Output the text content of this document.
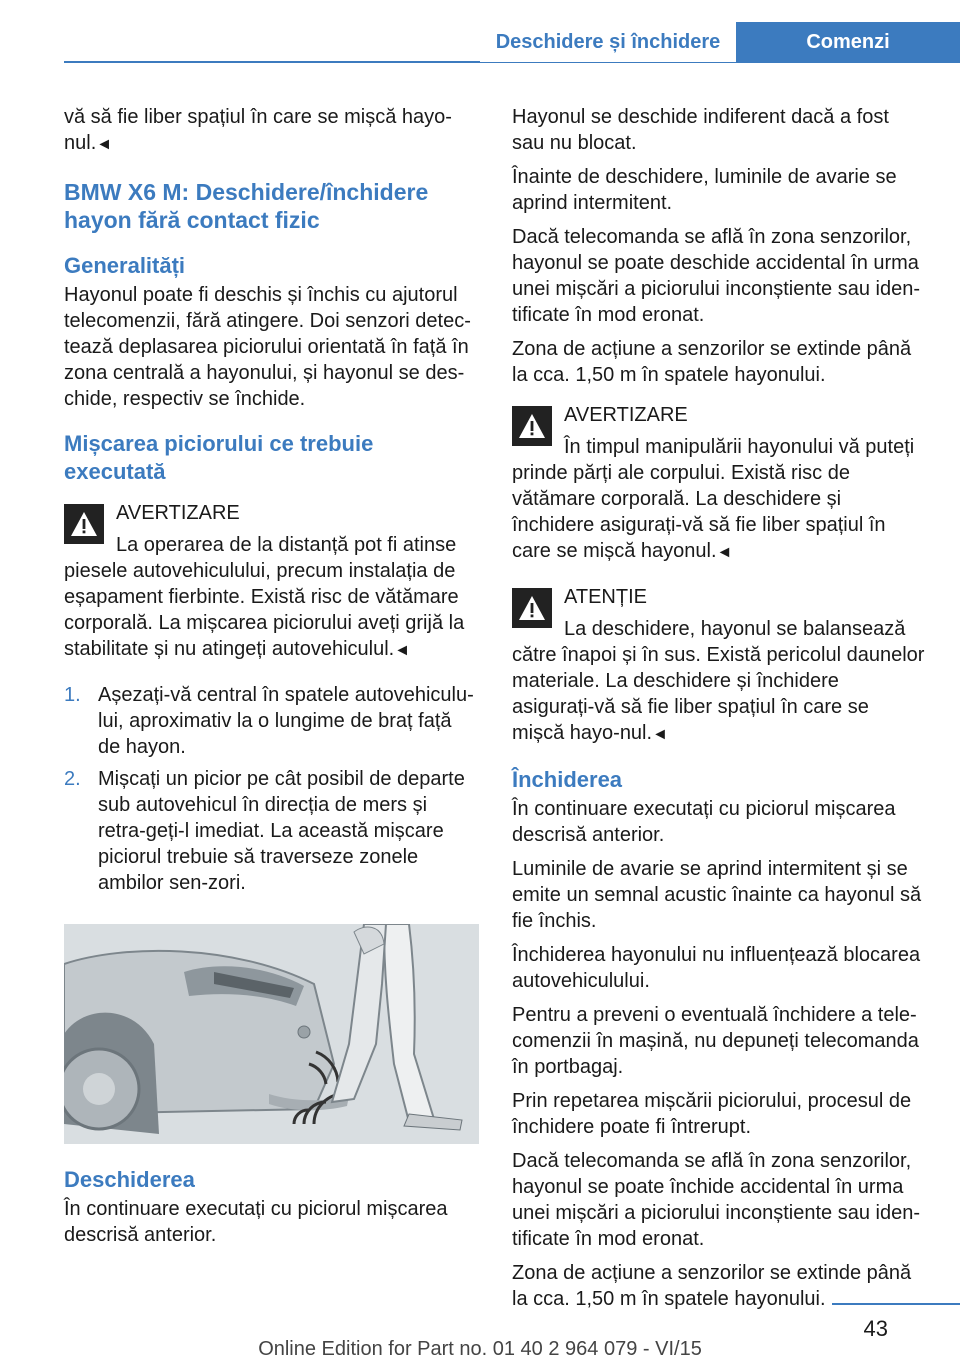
Deschidere și închidere	Comenzi

vă să fie liber spațiul în care se mișcă hayo‐nul.◄

BMW X6 M: Deschidere/închidere hayon fără contact fizic
Generalități

Hayonul poate fi deschis și închis cu ajutorul telecomenzii, fără atingere. Doi senzori detec‐tează deplasarea piciorului orientată în față în zona centrală a hayonului, și hayonul se des‐chide, respectiv se închide.

Mișcarea piciorului ce trebuie executată
AVERTIZARE
La operarea de la distanță pot fi atinse piesele autovehiculului, precum instalația de eșapament fierbinte. Există risc de vătămare corporală. La mișcarea piciorului aveți grijă la stabilitate și nu atingeți autovehiculul.◄
1. Așezați-vă central în spatele autovehiculu‐lui, aproximativ la o lungime de braț față de hayon.
2. Mișcați un picior pe cât posibil de departe sub autovehicul în direcția de mers și retra‐geți-l imediat. La această mișcare piciorul trebuie să traverseze zonele ambilor sen‐zori.
Deschiderea

În continuare executați cu piciorul mișcarea descrisă anterior.

Hayonul se deschide indiferent dacă a fost sau nu blocat.

Înainte de deschidere, luminile de avarie se aprind intermitent.

Dacă telecomanda se află în zona senzorilor, hayonul se poate deschide accidental în urma unei mișcări a piciorului inconștiente sau iden‐tificate în mod eronat.

Zona de acțiune a senzorilor se extinde până la cca. 1,50 m în spatele hayonului.

AVERTIZARE
În timpul manipulării hayonului vă puteți prinde părți ale corpului. Există risc de vătămare corporală. La deschidere și închidere asigurați-vă să fie liber spațiul în care se mișcă hayonul.◄
ATENȚIE
La deschidere, hayonul se balansează către înapoi și în sus. Există pericolul daunelor materiale. La deschidere și închidere asigurați-vă să fie liber spațiul în care se mișcă hayo‐nul.◄
Închiderea

În continuare executați cu piciorul mișcarea descrisă anterior.

Luminile de avarie se aprind intermitent și se emite un semnal acustic înainte ca hayonul să fie închis.

Închiderea hayonului nu influențează blocarea autovehiculului.

Pentru a preveni o eventuală închidere a tele‐comenzii în mașină, nu depuneți telecomanda în portbagaj.

Prin repetarea mișcării piciorului, procesul de închidere poate fi întrerupt.

Dacă telecomanda se află în zona senzorilor, hayonul se poate închide accidental în urma unei mișcări a piciorului inconștiente sau iden‐tificate în mod eronat.

Zona de acțiune a senzorilor se extinde până la cca. 1,50 m în spatele hayonului.

43
Online Edition for Part no. 01 40 2 964 079 - VI/15
